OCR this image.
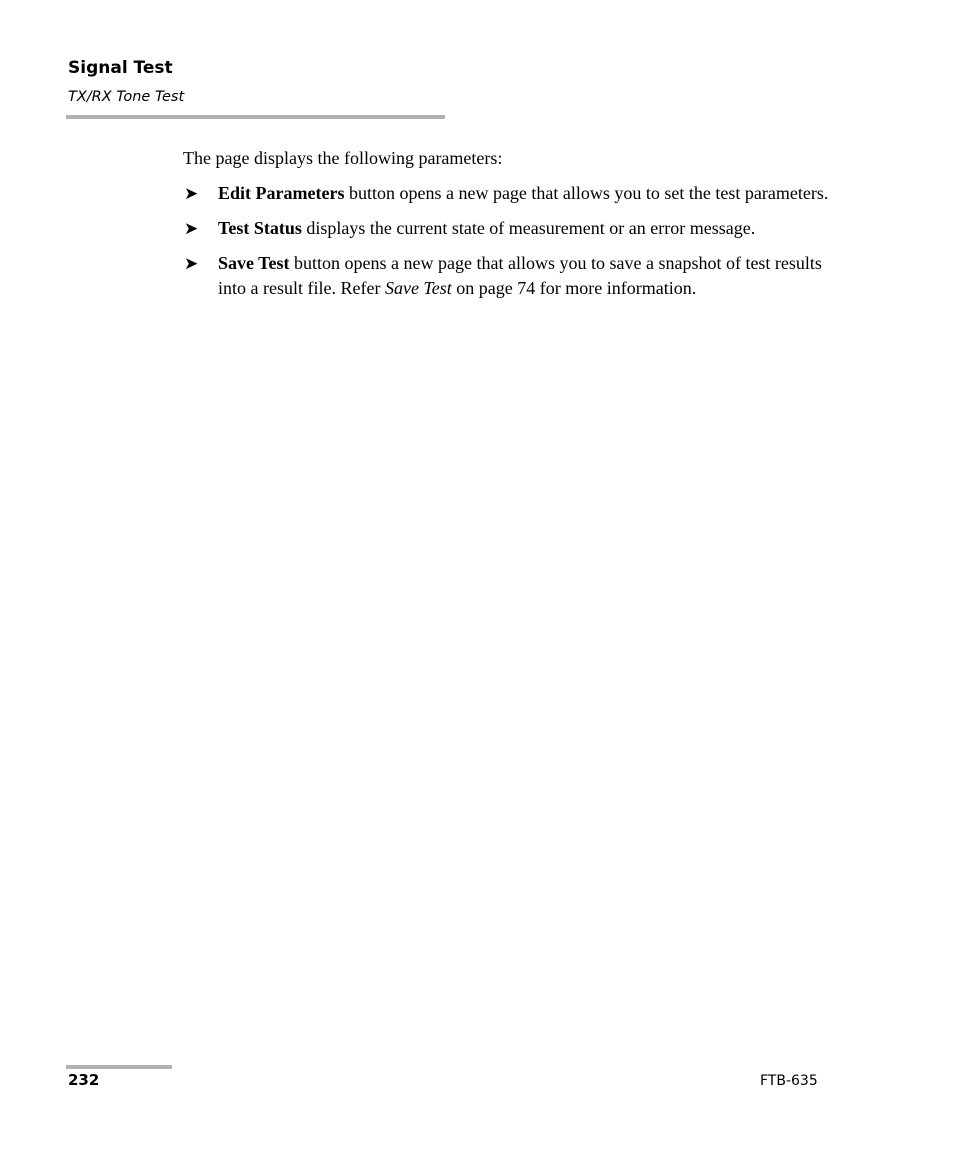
Signal Test

TX/RX Tone Test

The page displays the following parameters:

➤ Edit Parameters button opens a new page that allows you to set the test parameters.
➤ Test Status displays the current state of measurement or an error message.
➤ Save Test button opens a new page that allows you to save a snapshot of test results into a result file. Refer Save Test on page 74 for more information.
232	FTB-635
